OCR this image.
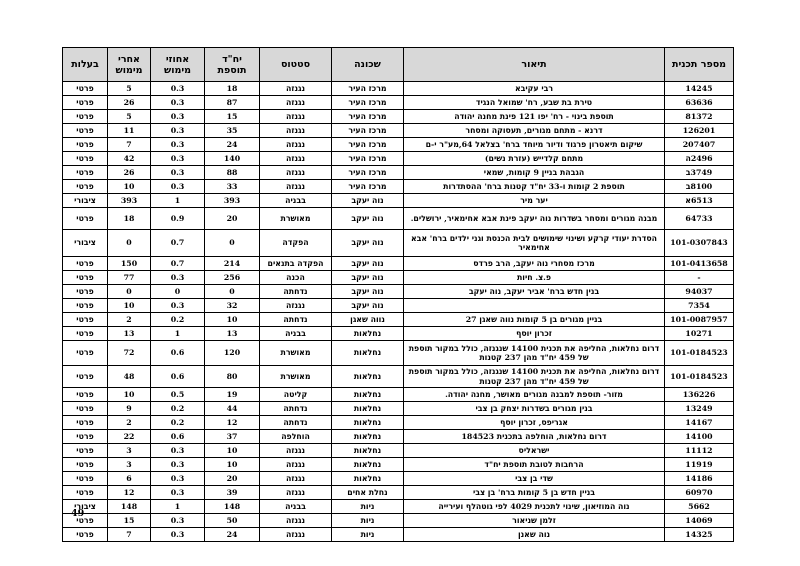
מספר תכנית	תיאור	שכונה	סטטוס	יח"ד תוספת	אחוזי מימוש	אחרי מימוש	בעלות
14245	רבי עקיבא	מרכז העיר	נגנזה	18	0.3	5	פרטי
63636	טירת בת שבע, רח' שמואל הנגיד	מרכז העיר	נגנזה	87	0.3	26	פרטי
81372	תוספת בינוי - רח' יפו 121 פינת מחנה יהודה	מרכז העיר	נגנזה	15	0.3	5	פרטי
126201	דרנא - מתחם מגורים, תעסוקה ומסחר	מרכז העיר	נגנזה	35	0.3	11	פרטי
207407	שיקום תיאטרון פרגוד ודיור מיוחד ברח' בצלאל 64,מע"ר י-ם	מרכז העיר	נגנזה	24	0.3	7	פרטי
2496ה	מתחם קלדייש (עזרת נשים)	מרכז העיר	נגנזה	140	0.3	42	פרטי
3749ב	הגבהת בניין 9 קומות, שמאי	מרכז העיר	נגנזה	88	0.3	26	פרטי
8100ב	תוספת 2 קומות ו-33 יח"ד קטנות ברח' ההסתדרות	מרכז העיר	נגנזה	33	0.3	10	פרטי
6513א	יער מיר	נוה יעקב	בבניה	393	1	393	ציבורי
64733	מבנה מגורים ומסחר בשדרות נוה יעקב פינת אבא אחימאיר, ירושלים.	נוה יעקב	מאושרת	20	0.9	18	פרטי
101-0307843	הסדרת יעודי קרקע ושינוי שימושים לבית הכנסת וגני ילדים ברח' אבא אחימאיר	נוה יעקב	הפקדה	0	0.7	0	ציבורי
101-0413658	מרכז מסחרי נוה יעקב, הרב פרדס	נוה יעקב	הפקדה בתנאים	214	0.7	150	פרטי
-	פ.צ. חיות	נוה יעקב	הכנה	256	0.3	77	פרטי
94037	בנין חדש ברח' אביר יעקב, נוה יעקב	נוה יעקב	נדחתה	0	0	0	פרטי
7354		נוה יעקב	נגנזה	32	0.3	10	פרטי
101-0087957	בניין מגורים בן 5 קומות נווה שאגן 27	נווה שאגן	נדחתה	10	0.2	2	פרטי
10271	זכרון יוסף	נחלאות	בבניה	13	1	13	פרטי
101-0184523	דרום נחלאות, החליפה את תכנית 14100 שנגנזה, כולל במקור תוספת של 459 יח"ד מהן 237 קטנות	נחלאות	מאושרת	120	0.6	72	פרטי
101-0184523	דרום נחלאות, החליפה את תכנית 14100 שנגנזה, כולל במקור תוספת של 459 יח"ד מהן 237 קטנות	נחלאות	מאושרת	80	0.6	48	פרטי
136226	מזור- תוספת למבנה מגורים מאושר, מחנה יהודה.	נחלאות	קליטה	19	0.5	10	פרטי
13249	בנין מגורים בשדרות יצחק בן צבי	נחלאות	נדחתה	44	0.2	9	פרטי
14167	אגריפס, זכרון יוסף	נחלאות	נדחתה	12	0.2	2	פרטי
14100	דרום נחלאות, הוחלפה בתכנית 184523	נחלאות	הוחלפה	37	0.6	22	פרטי
11112	ישראליס	נחלאות	נגנזה	10	0.3	3	פרטי
11919	הרחבות לטובת תוספת יח"ד	נחלאות	נגנזה	10	0.3	3	פרטי
14186	שדי בן צבי	נחלאות	נגנזה	20	0.3	6	פרטי
60970	בניין חדש בן 5 קומות ברח' בן צבי	נחלת אחים	נגנזה	39	0.3	12	פרטי
5662	נוה המוזיאון, שינוי לתכנית 4029 לפי גוטהלף ועירייה	ניות	בבניה	148	1	148	ציבורי
14069	זלמן שניאור	ניות	נגנזה	50	0.3	15	פרטי
14325	נוה שאנן	ניות	נגנזה	24	0.3	7	פרטי
49
